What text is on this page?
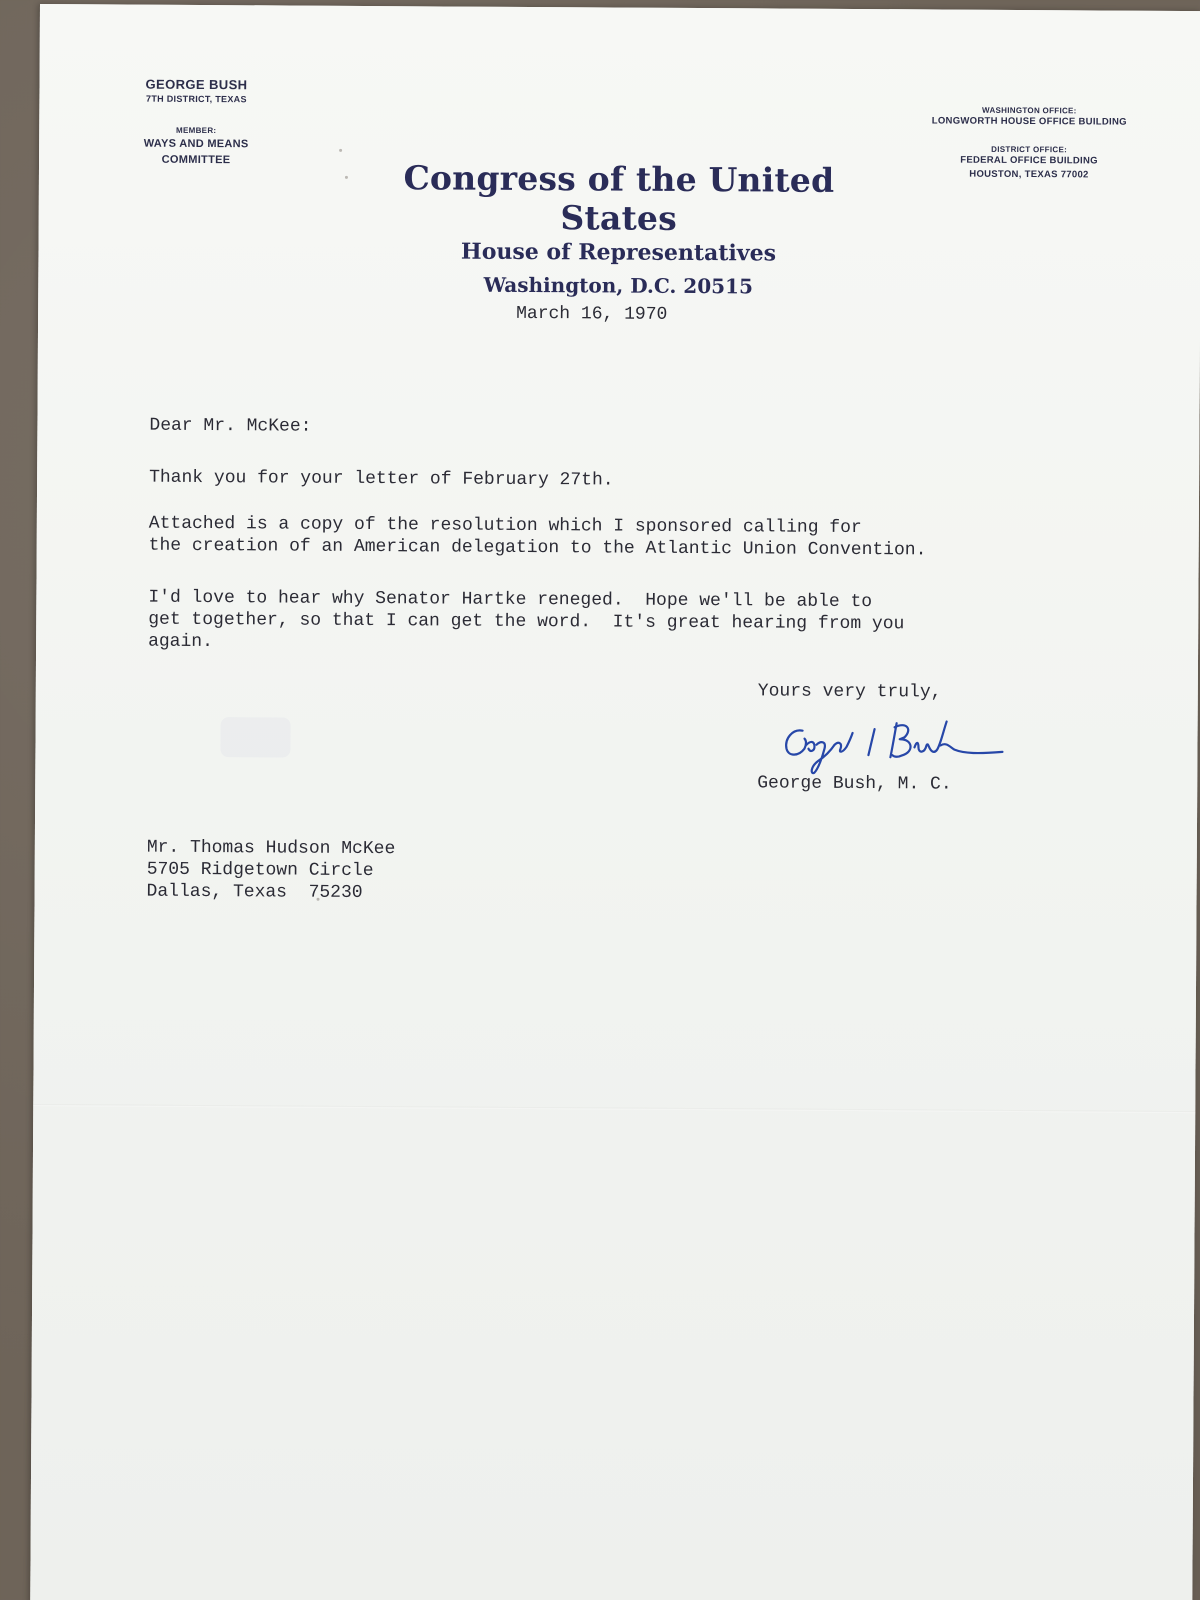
GEORGE BUSH
7TH DISTRICT, TEXAS
MEMBER:
WAYS AND MEANS
COMMITTEE	Congress of the United States
House of Representatives
Washington, D.C. 20515
WASHINGTON OFFICE:
LONGWORTH HOUSE OFFICE BUILDING
DISTRICT OFFICE:
FEDERAL OFFICE BUILDING
HOUSTON, TEXAS 77002
March 16, 1970
Dear Mr. McKee:
Thank you for your letter of February 27th.
Attached is a copy of the resolution which I sponsored calling for
the creation of an American delegation to the Atlantic Union Convention.
I'd love to hear why Senator Hartke reneged.  Hope we'll be able to
get together, so that I can get the word.  It's great hearing from you
again.
Yours very truly,
George Bush, M. C.
Mr. Thomas Hudson McKee
5705 Ridgetown Circle
Dallas, Texas  75230
